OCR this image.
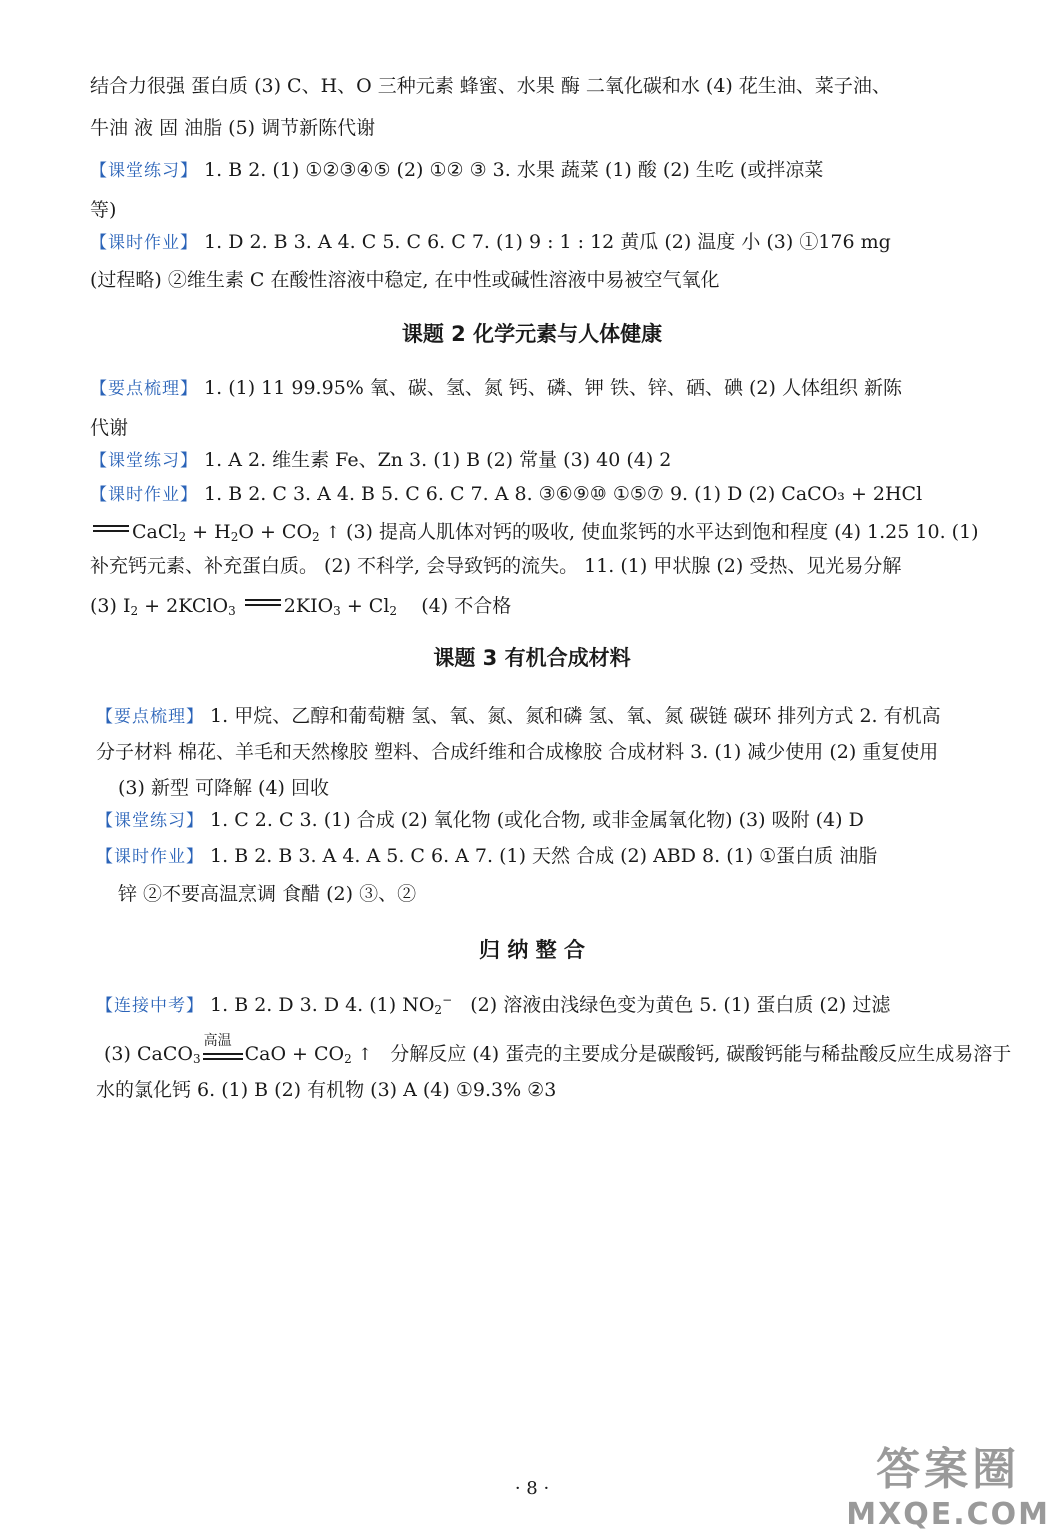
结合力很强 蛋白质 (3) C、H、O 三种元素 蜂蜜、水果 酶 二氧化碳和水 (4) 花生油、菜子油、
牛油 液 固 油脂 (5) 调节新陈代谢
【课堂练习】 1. B 2. (1) ①②③④⑤ (2) ①② ③ 3. 水果 蔬菜 (1) 酸 (2) 生吃 (或拌凉菜
等)
【课时作业】 1. D 2. B 3. A 4. C 5. C 6. C 7. (1) 9 : 1 : 12 黄瓜 (2) 温度 小 (3) ①176 mg
(过程略) ②维生素 C 在酸性溶液中稳定, 在中性或碱性溶液中易被空气氧化
课题 2 化学元素与人体健康
【要点梳理】 1. (1) 11 99.95% 氧、碳、氢、氮 钙、磷、钾 铁、锌、硒、碘 (2) 人体组织 新陈
代谢
【课堂练习】 1. A 2. 维生素 Fe、Zn 3. (1) B (2) 常量 (3) 40 (4) 2
【课时作业】 1. B 2. C 3. A 4. B 5. C 6. C 7. A 8. ③⑥⑨⑩ ①⑤⑦ 9. (1) D (2) CaCO₃ + 2HCl
CaCl$_2$ + $H_2O + CO_2$ ↑ (3) 提高人肌体对钙的吸收, 使血浆钙的水平达到饱和程度 (4) 1.25 10. (1)
补充钙元素、补充蛋白质。 (2) 不科学, 会导致钙的流失。 11. (1) 甲状腺 (2) 受热、见光易分解
(3) $I_2$ + 2KClO$_3$	$2KIO_3 + Cl_2$ (4) 不合格
课题 3 有机合成材料
【要点梳理】 1. 甲烷、乙醇和葡萄糖 氢、氧、氮、氮和磷 氢、氧、氮 碳链 碳环 排列方式 2. 有机高
分子材料 棉花、羊毛和天然橡胶 塑料、合成纤维和合成橡胶 合成材料 3. (1) 减少使用 (2) 重复使用
(3) 新型 可降解 (4) 回收
【课堂练习】 1. C 2. C 3. (1) 合成 (2) 氧化物 (或化合物, 或非金属氧化物) (3) 吸附 (4) D
【课时作业】 1. B 2. B 3. A 4. A 5. C 6. A 7. (1) 天然 合成 (2) ABD 8. (1) ①蛋白质 油脂
锌 ②不要高温烹调 食醋 (2) ③、②
归 纳 整 合
【连接中考】 1. B 2. D 3. D 4. (1) $NO_2^-$ (2) 溶液由浅绿色变为黄色 5. (1) 蛋白质 (2) 过滤
(3) CaCO$_3$
高温
CaO + $CO_2$ ↑ 分解反应 (4) 蛋壳的主要成分是碳酸钙, 碳酸钙能与稀盐酸反应生成易溶于
水的氯化钙 6. (1) B (2) 有机物 (3) A (4) ①9.3% ②3
· 8 ·	答案圈
MXQE.COM
